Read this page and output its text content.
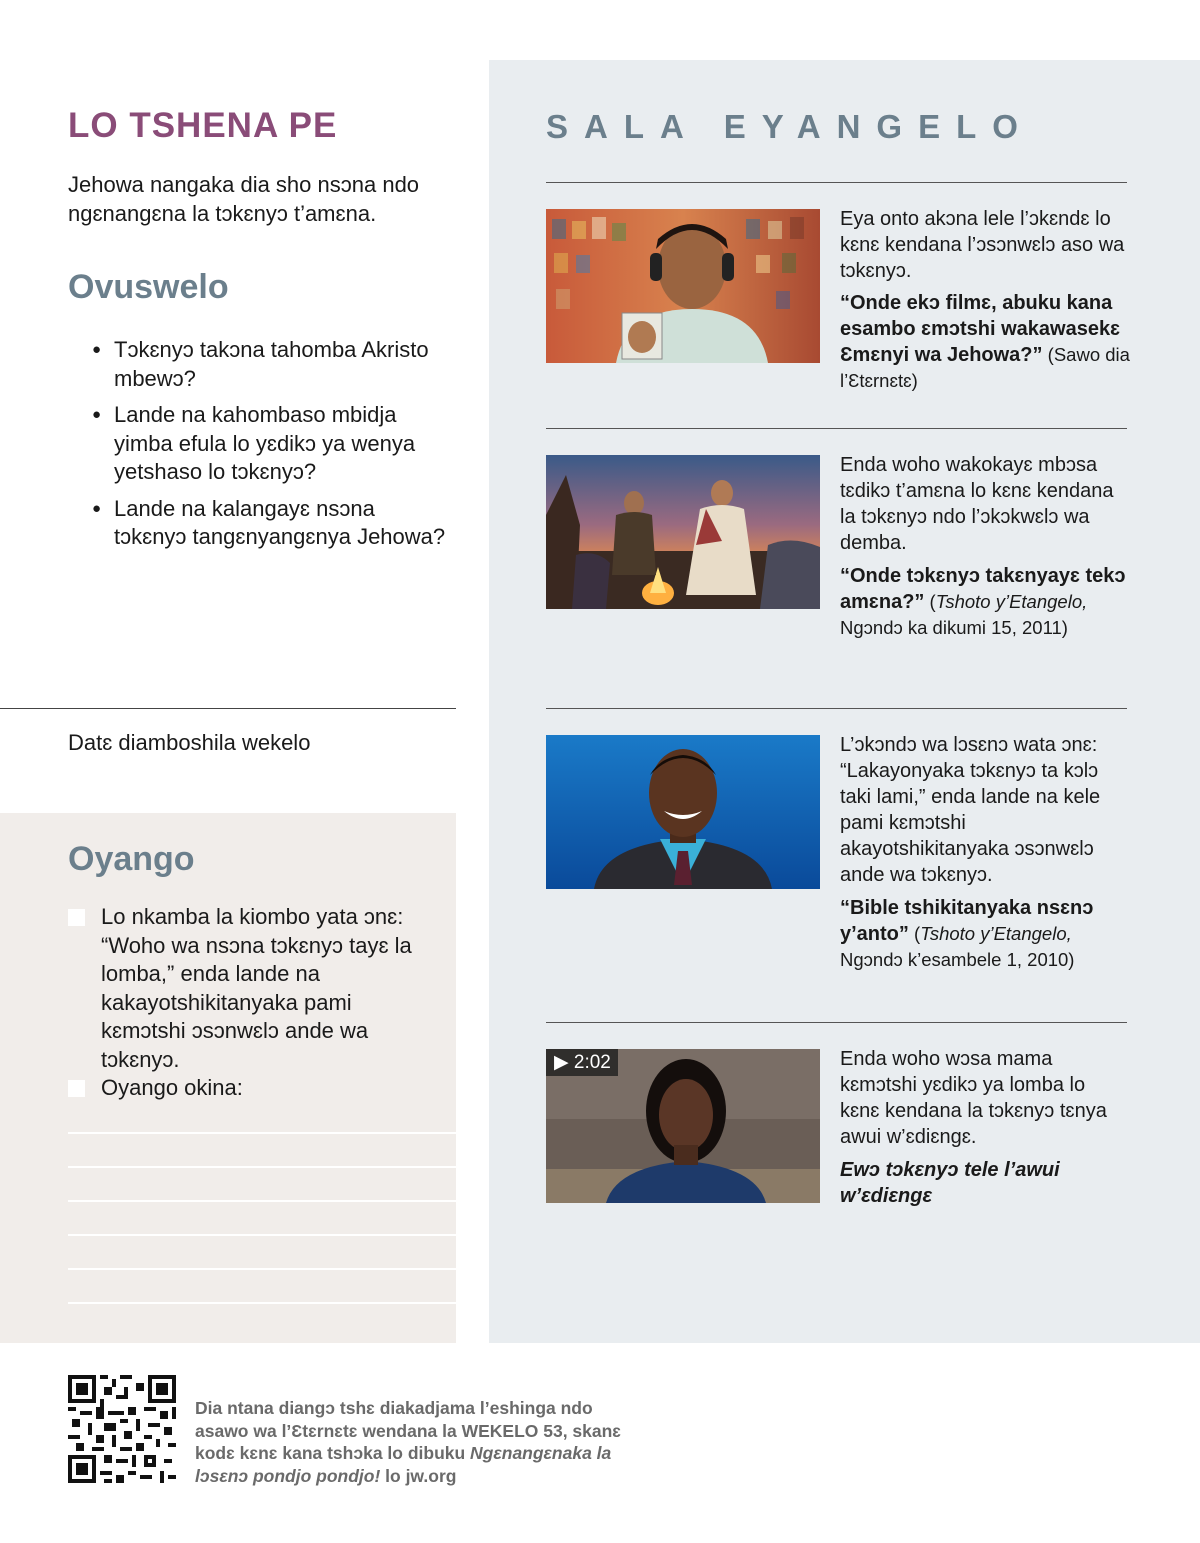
LO TSHENA PE

Jehowa nangaka dia sho nsɔna ndo ngɛnangɛna la tɔkɛnyɔ t’amɛna.

Ovuswelo
● Tɔkɛnyɔ takɔna tahomba Akristo mbewɔ?
● Lande na kahombaso mbidja yimba efula lo yɛdikɔ ya wenya yetshaso lo tɔkɛnyɔ?
● Lande na kalangayɛ nsɔna tɔkɛnyɔ tangɛnyangɛnya Jehowa?

Datɛ diamboshila wekelo

Oyango

Lo nkamba la kiombo yata ɔnɛ: “Woho wa nsɔna tɔkɛnyɔ tayɛ la lomba,” enda lande na kakayotshikitanyaka pami kɛmɔtshi ɔsɔnwɛlɔ ande wa tɔkɛnyɔ.

Oyango okina:

SALA EYANGELO

Eya onto akɔna lele l’ɔkɛndɛ lo kɛnɛ kendana l’ɔsɔnwɛlɔ aso wa tɔkɛnyɔ.

“Onde ekɔ filmɛ, abuku kana esambo ɛmɔtshi wakawasekɛ Ɛmɛnyi wa Jehowa?” (Sawo dia l’Ɛtɛrnɛtɛ)

Enda woho wakokayɛ mbɔsa tɛdikɔ t’amɛna lo kɛnɛ kendana la tɔkɛnyɔ ndo l’ɔkɔkwɛlɔ wa demba.

“Onde tɔkɛnyɔ takɛnyayɛ tekɔ amɛna?” (Tshoto y’Etangelo, Ngɔndɔ ka dikumi 15, 2011)

L’ɔkɔndɔ wa lɔsɛnɔ wata ɔnɛ: “Lakayonyaka tɔkɛnyɔ ta kɔlɔ taki lami,” enda lande na kele pami kɛmɔtshi akayotshikitanyaka ɔsɔnwɛlɔ ande wa tɔkɛnyɔ.

“Bible tshikitanyaka nsɛnɔ y’anto” (Tshoto y’Etangelo, Ngɔndɔ k’esambele 1, 2010)

▶ 2:02	Enda woho wɔsa mama kɛmɔtshi yɛdikɔ ya lomba lo kɛnɛ kendana la tɔkɛnyɔ tɛnya awui w’ɛdiɛngɛ.

Ewɔ tɔkɛnyɔ tele l’awui w’ɛdiɛngɛ

Dia ntana diangɔ tshɛ diakadjama l’eshinga ndo asawo wa l’Ɛtɛrnɛtɛ wendana la WEKELO 53, skanɛ kodɛ kɛnɛ kana tshɔka lo dibuku Ngɛnangɛnaka la lɔsɛnɔ pondjo pondjo! lo jw.org
